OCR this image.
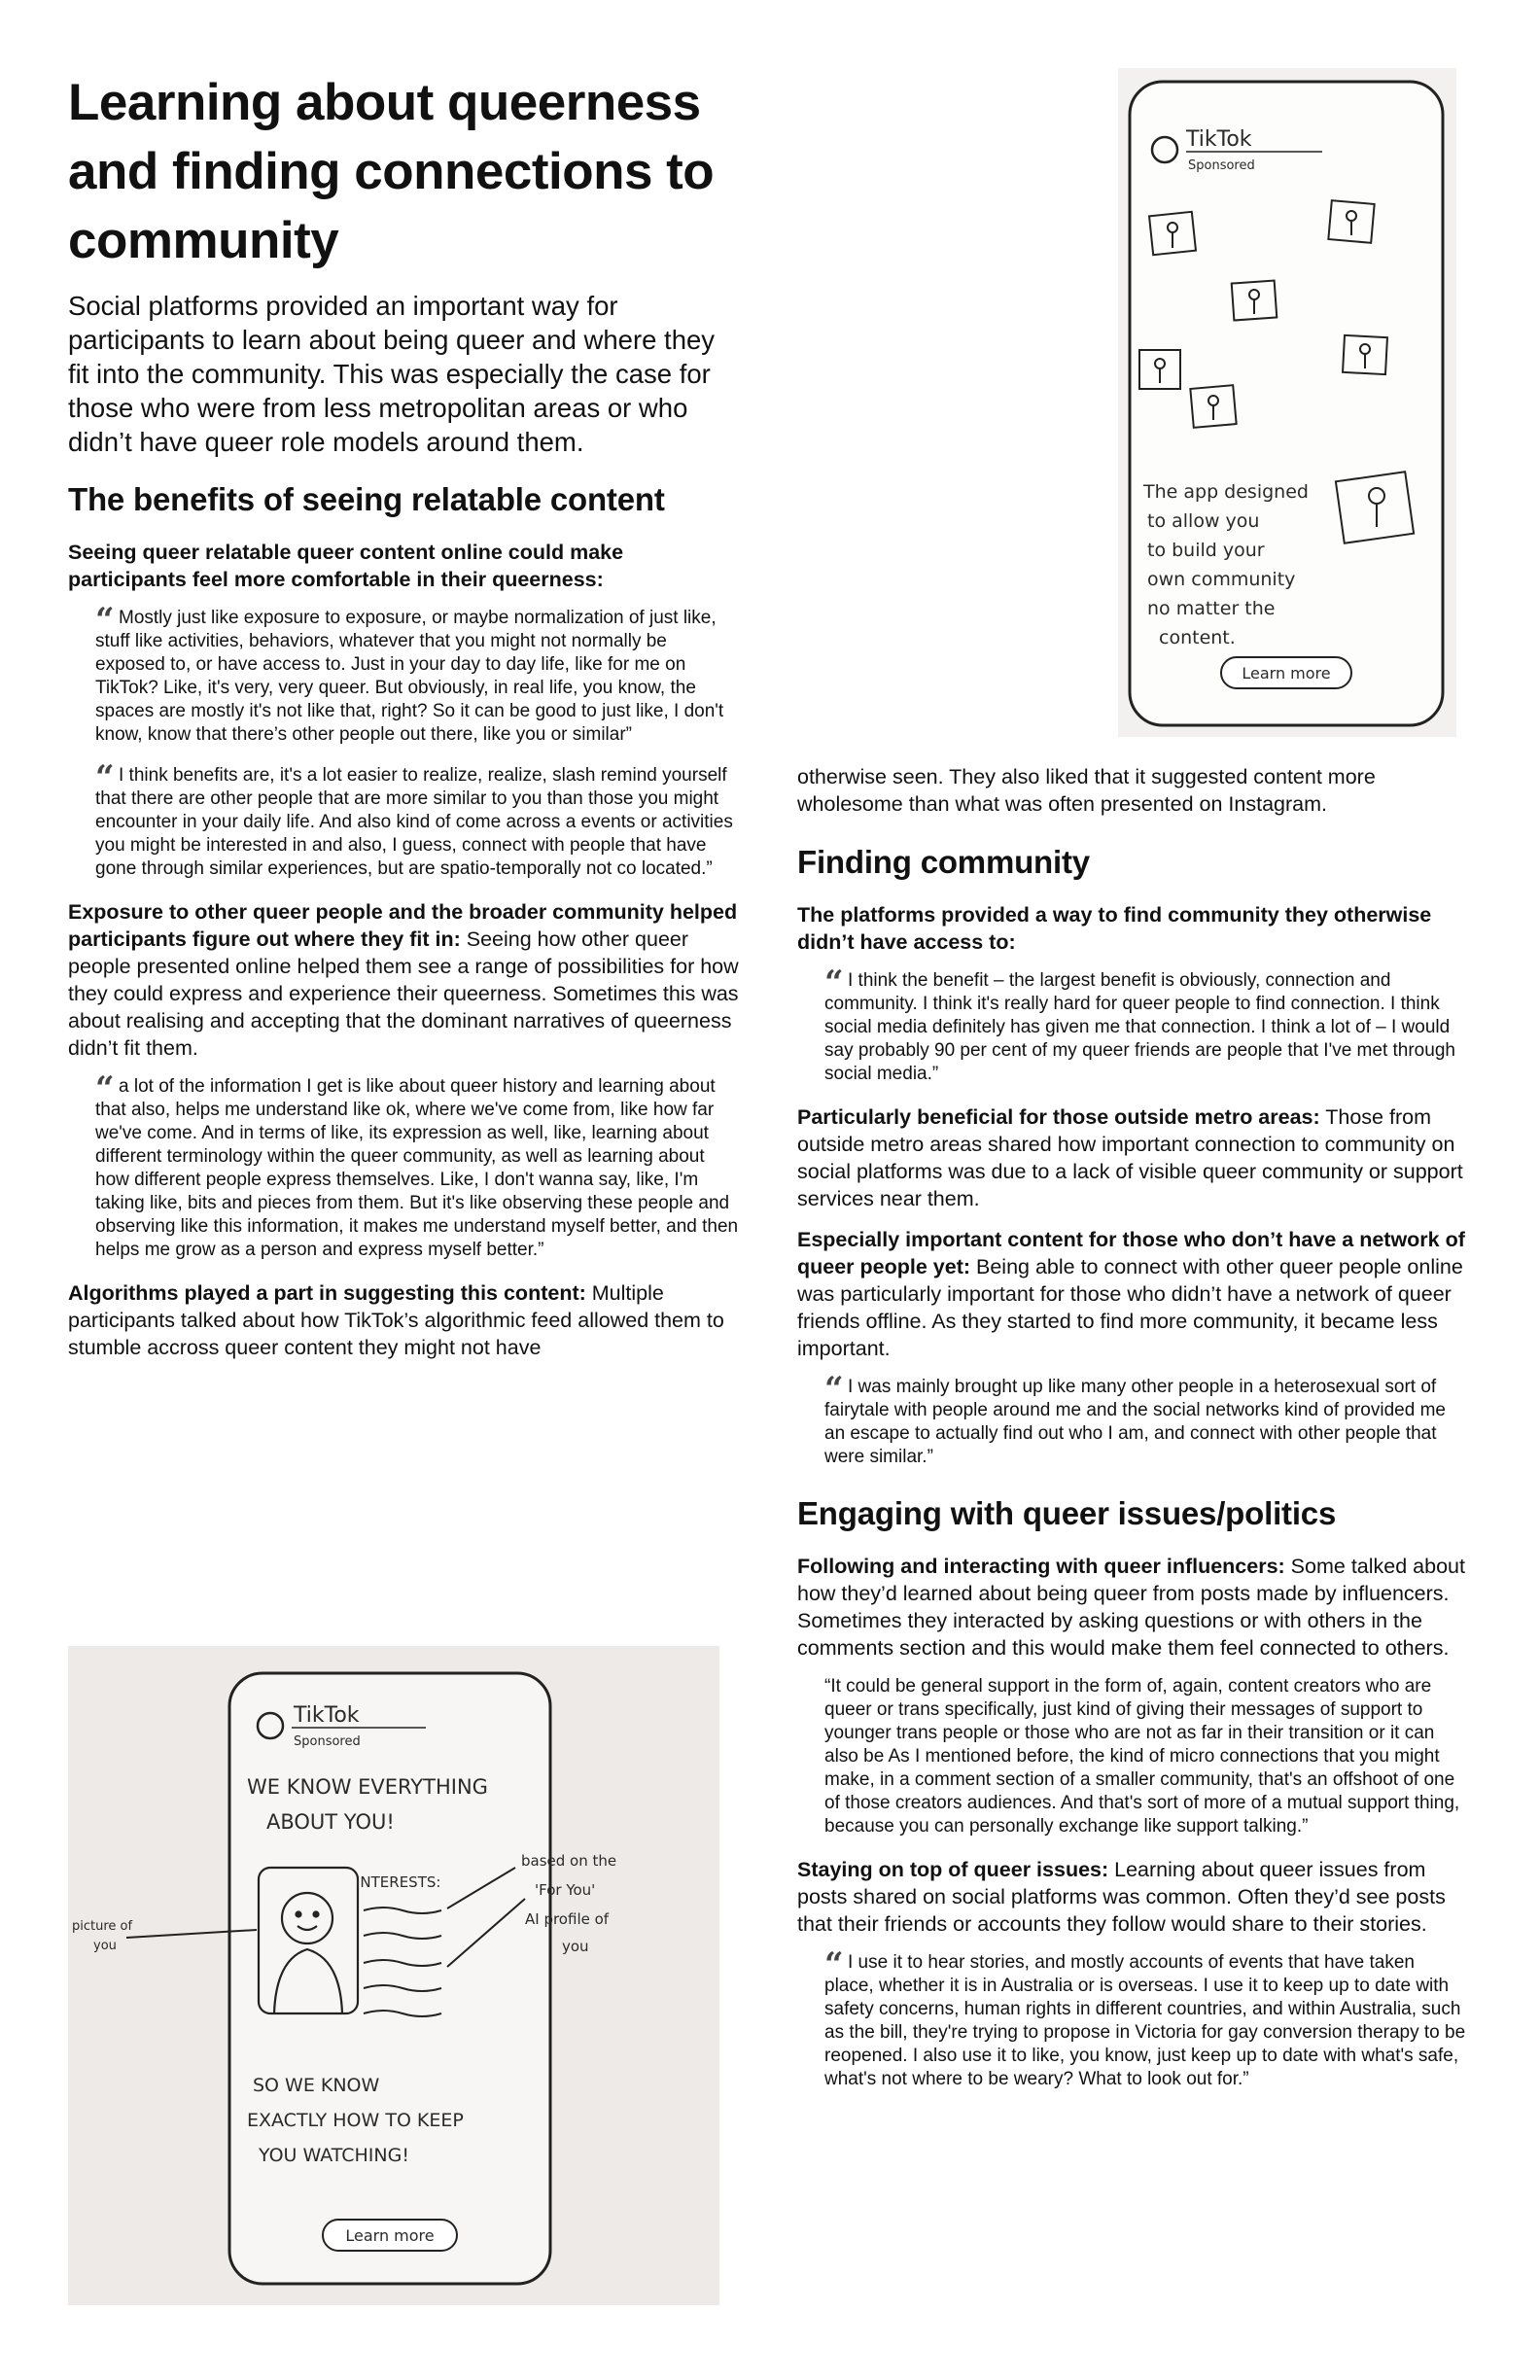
Learning about queerness and finding connections to community

Social platforms provided an important way for participants to learn about being queer and where they fit into the community. This was especially the case for those who were from less metropolitan areas or who didn’t have queer role models around them.

The benefits of seeing relatable content

Seeing queer relatable queer content online could make participants feel more comfortable in their queerness:

“ Mostly just like exposure to exposure, or maybe normalization of just like, stuff like activities, behaviors, whatever that you might not normally be exposed to, or have access to. Just in your day to day life, like for me on TikTok? Like, it's very, very queer. But obviously, in real life, you know, the spaces are mostly it's not like that, right? So it can be good to just like, I don't know, know that there’s other people out there, like you or similar”
“ I think benefits are, it's a lot easier to realize, realize, slash remind yourself that there are other people that are more similar to you than those you might encounter in your daily life. And also kind of come across a events or activities you might be interested in and also, I guess, connect with people that have gone through similar experiences, but are spatio-temporally not co located.”

Exposure to other queer people and the broader community helped participants figure out where they fit in: Seeing how other queer people presented online helped them see a range of possibilities for how they could express and experience their queerness. Sometimes this was about realising and accepting that the dominant narratives of queerness didn’t fit them.

“ a lot of the information I get is like about queer history and learning about that also, helps me understand like ok, where we've come from, like how far we've come. And in terms of like, its expression as well, like, learning about different terminology within the queer community, as well as learning about how different people express themselves. Like, I don't wanna say, like, I'm taking like, bits and pieces from them. But it's like observing these people and observing like this information, it makes me understand myself better, and then helps me grow as a person and express myself better.”

Algorithms played a part in suggesting this content: Multiple participants talked about how TikTok’s algorithmic feed allowed them to stumble accross queer content they might not have

TikTok
Sponsored
The app designed
to allow you
to build your
own community
no matter the
content.
Learn more

otherwise seen. They also liked that it suggested content more wholesome than what was often presented on Instagram.

Finding community

The platforms provided a way to find community they otherwise didn’t have access to:

“ I think the benefit – the largest benefit is obviously, connection and community. I think it's really hard for queer people to find connection. I think social media definitely has given me that connection. I think a lot of – I would say probably 90 per cent of my queer friends are people that I've met through social media.”

Particularly beneficial for those outside metro areas: Those from outside metro areas shared how important connection to community on social platforms was due to a lack of visible queer community or support services near them.

Especially important content for those who don’t have a network of queer people yet: Being able to connect with other queer people online was particularly important for those who didn’t have a network of queer friends offline. As they started to find more community, it became less important.

“ I was mainly brought up like many other people in a heterosexual sort of fairytale with people around me and the social networks kind of provided me an escape to actually find out who I am, and connect with other people that were similar.”
Engaging with queer issues/politics

Following and interacting with queer influencers: Some talked about how they’d learned about being queer from posts made by influencers. Sometimes they interacted by asking questions or with others in the comments section and this would make them feel connected to others.

“It could be general support in the form of, again, content creators who are queer or trans specifically, just kind of giving their messages of support to younger trans people or those who are not as far in their transition or it can also be As I mentioned before, the kind of micro connections that you might make, in a comment section of a smaller community, that's an offshoot of one of those creators audiences. And that's sort of more of a mutual support thing, because you can personally exchange like support talking.”

Staying on top of queer issues: Learning about queer issues from posts shared on social platforms was common. Often they’d see posts that their friends or accounts they follow would share to their stories.

“ I use it to hear stories, and mostly accounts of events that have taken place, whether it is in Australia or is overseas. I use it to keep up to date with safety concerns, human rights in different countries, and within Australia, such as the bill, they're trying to propose in Victoria for gay conversion therapy to be reopened. I also use it to like, you know, just keep up to date with what's safe, what's not where to be weary? What to look out for.”
TikTok
Sponsored
WE KNOW EVERYTHING
ABOUT YOU!
INTERESTS:
picture of
you
based on the
'For You'
AI profile of
you
SO WE KNOW
EXACTLY HOW TO KEEP
YOU WATCHING!
Learn more
